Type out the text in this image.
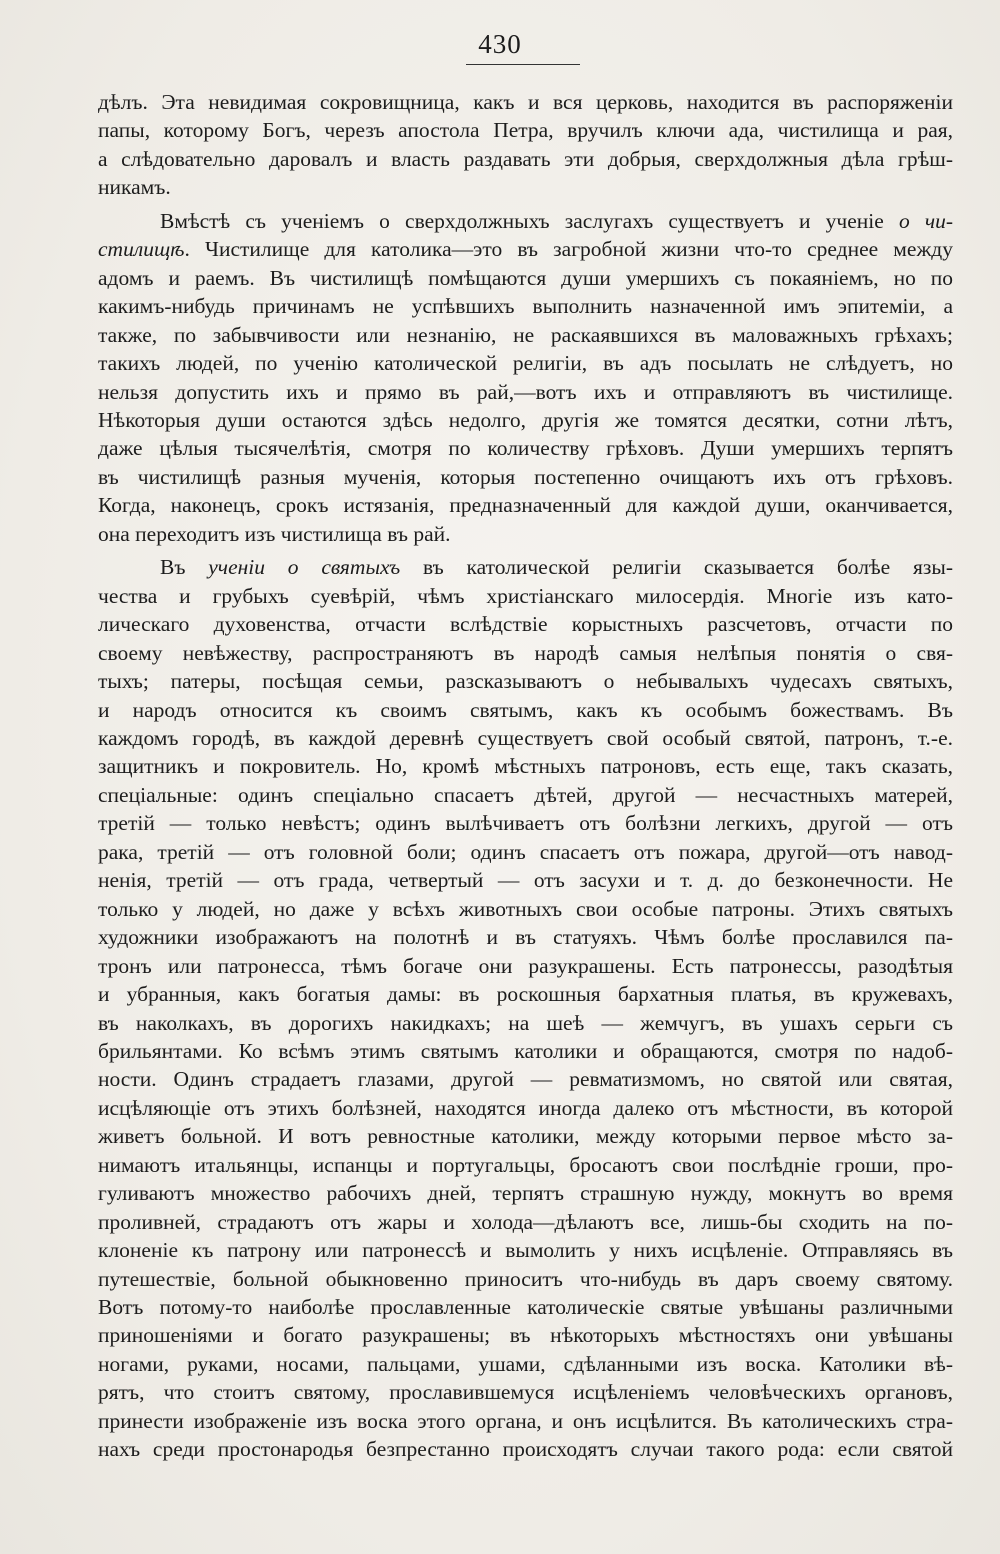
430

дѣлъ. Эта невидимая сокровищница, какъ и вся церковь, находится въ распоряженіи
папы, которому Богъ, черезъ апостола Петра, вручилъ ключи ада, чистилища и рая,
а слѣдовательно даровалъ и власть раздавать эти добрыя, сверхдолжныя дѣла грѣш-
никамъ.

Вмѣстѣ съ ученіемъ о сверхдолжныхъ заслугахъ существуетъ и ученіе о чи-
стилищѣ. Чистилище для католика—это въ загробной жизни что-то среднее между
адомъ и раемъ. Въ чистилищѣ помѣщаются души умершихъ съ покаяніемъ, но по
какимъ-нибудь причинамъ не успѣвшихъ выполнить назначенной имъ эпитеміи, а
также, по забывчивости или незнанію, не раскаявшихся въ маловажныхъ грѣхахъ;
такихъ людей, по ученію католической религіи, въ адъ посылать не слѣдуетъ, но
нельзя допустить ихъ и прямо въ рай,—вотъ ихъ и отправляютъ въ чистилище.
Нѣкоторыя души остаются здѣсь недолго, другія же томятся десятки, сотни лѣтъ,
даже цѣлыя тысячелѣтія, смотря по количеству грѣховъ. Души умершихъ терпятъ
въ чистилищѣ разныя мученія, которыя постепенно очищаютъ ихъ отъ грѣховъ.
Когда, наконецъ, срокъ истязанія, предназначенный для каждой души, оканчивается,
она переходитъ изъ чистилища въ рай.

Въ ученіи о святыхъ въ католической религіи сказывается болѣе язы-
чества и грубыхъ суевѣрій, чѣмъ христіанскаго милосердія. Многіе изъ като-
лическаго духовенства, отчасти вслѣдствіе корыстныхъ разсчетовъ, отчасти по
своему невѣжеству, распространяютъ въ народѣ самыя нелѣпыя понятія о свя-
тыхъ; патеры, посѣщая семьи, разсказываютъ о небывалыхъ чудесахъ святыхъ,
и народъ относится къ своимъ святымъ, какъ къ особымъ божествамъ. Въ
каждомъ городѣ, въ каждой деревнѣ существуетъ свой особый святой, патронъ, т.-е.
защитникъ и покровитель. Но, кромѣ мѣстныхъ патроновъ, есть еще, такъ сказать,
спеціальные: одинъ спеціально спасаетъ дѣтей, другой — несчастныхъ матерей,
третій — только невѣстъ; одинъ вылѣчиваетъ отъ болѣзни легкихъ, другой — отъ
рака, третій — отъ головной боли; одинъ спасаетъ отъ пожара, другой—отъ навод-
ненія, третій — отъ града, четвертый — отъ засухи и т. д. до безконечности. Не
только у людей, но даже у всѣхъ животныхъ свои особые патроны. Этихъ святыхъ
художники изображаютъ на полотнѣ и въ статуяхъ. Чѣмъ болѣе прославился па-
тронъ или патронесса, тѣмъ богаче они разукрашены. Есть патронессы, разодѣтыя
и убранныя, какъ богатыя дамы: въ роскошныя бархатныя платья, въ кружевахъ,
въ наколкахъ, въ дорогихъ накидкахъ; на шеѣ — жемчугъ, въ ушахъ серьги съ
брильянтами. Ко всѣмъ этимъ святымъ католики и обращаются, смотря по надоб-
ности. Одинъ страдаетъ глазами, другой — ревматизмомъ, но святой или святая,
исцѣляющіе отъ этихъ болѣзней, находятся иногда далеко отъ мѣстности, въ которой
живетъ больной. И вотъ ревностные католики, между которыми первое мѣсто за-
нимаютъ итальянцы, испанцы и португальцы, бросаютъ свои послѣдніе гроши, про-
гуливаютъ множество рабочихъ дней, терпятъ страшную нужду, мокнутъ во время
проливней, страдаютъ отъ жары и холода—дѣлаютъ все, лишь-бы сходить на по-
клоненіе къ патрону или патронессѣ и вымолить у нихъ исцѣленіе. Отправляясь въ
путешествіе, больной обыкновенно приноситъ что-нибудь въ даръ своему святому.
Вотъ потому-то наиболѣе прославленные католическіе святые увѣшаны различными
приношеніями и богато разукрашены; въ нѣкоторыхъ мѣстностяхъ они увѣшаны
ногами, руками, носами, пальцами, ушами, сдѣланными изъ воска. Католики вѣ-
рятъ, что стоитъ святому, прославившемуся исцѣленіемъ человѣческихъ органовъ,
принести изображеніе изъ воска этого органа, и онъ исцѣлится. Въ католическихъ стра-
нахъ среди простонародья безпрестанно происходятъ случаи такого рода: если святой
